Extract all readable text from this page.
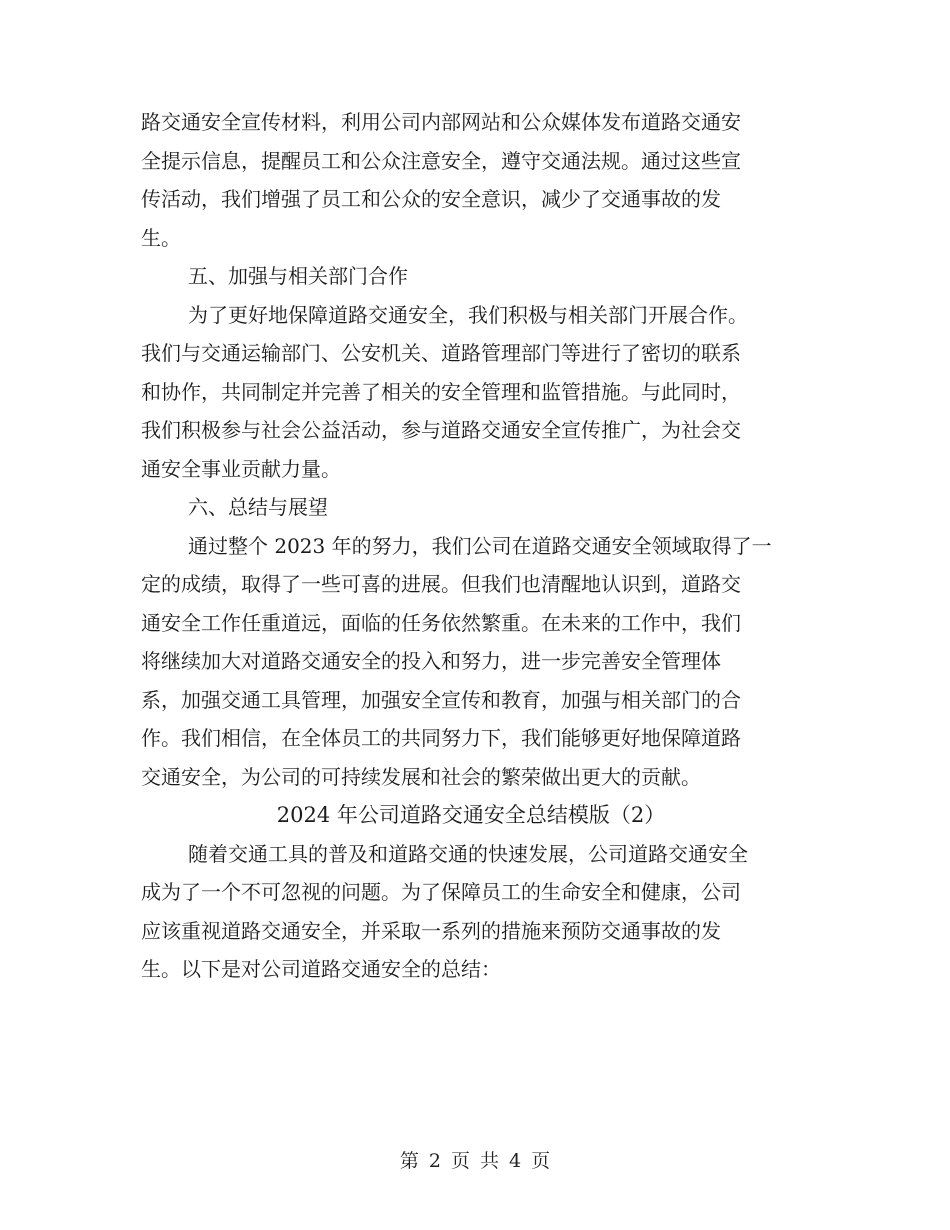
路交通安全宣传材料，利用公司内部网站和公众媒体发布道路交通安
全提示信息，提醒员工和公众注意安全，遵守交通法规。通过这些宣
传活动，我们增强了员工和公众的安全意识，减少了交通事故的发
生。
五、加强与相关部门合作
为了更好地保障道路交通安全，我们积极与相关部门开展合作。
我们与交通运输部门、公安机关、道路管理部门等进行了密切的联系
和协作，共同制定并完善了相关的安全管理和监管措施。与此同时，
我们积极参与社会公益活动，参与道路交通安全宣传推广，为社会交
通安全事业贡献力量。
六、总结与展望
通过整个 2023 年的努力，我们公司在道路交通安全领域取得了一
定的成绩，取得了一些可喜的进展。但我们也清醒地认识到，道路交
通安全工作任重道远，面临的任务依然繁重。在未来的工作中，我们
将继续加大对道路交通安全的投入和努力，进一步完善安全管理体
系，加强交通工具管理，加强安全宣传和教育，加强与相关部门的合
作。我们相信，在全体员工的共同努力下，我们能够更好地保障道路
交通安全，为公司的可持续发展和社会的繁荣做出更大的贡献。
2024 年公司道路交通安全总结模版（2）
随着交通工具的普及和道路交通的快速发展，公司道路交通安全
成为了一个不可忽视的问题。为了保障员工的生命安全和健康，公司
应该重视道路交通安全，并采取一系列的措施来预防交通事故的发
生。以下是对公司道路交通安全的总结：
第 2 页 共 4 页
